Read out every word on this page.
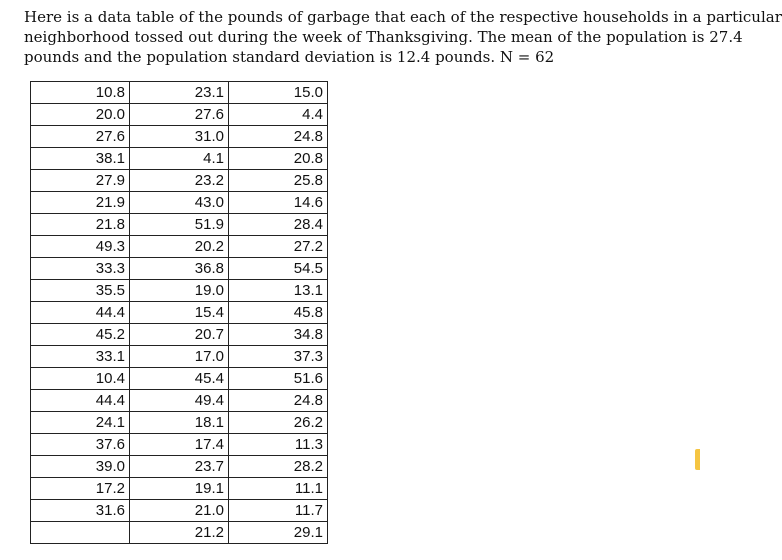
Here is a data table of the pounds of garbage that each of the respective households in a particular
neighborhood tossed out during the week of Thanksgiving. The mean of the population is 27.4
pounds and the population standard deviation is 12.4 pounds. N = 62

10.8	23.1	15.0
20.0	27.6	4.4
27.6	31.0	24.8
38.1	4.1	20.8
27.9	23.2	25.8
21.9	43.0	14.6
21.8	51.9	28.4
49.3	20.2	27.2
33.3	36.8	54.5
35.5	19.0	13.1
44.4	15.4	45.8
45.2	20.7	34.8
33.1	17.0	37.3
10.4	45.4	51.6
44.4	49.4	24.8
24.1	18.1	26.2
37.6	17.4	11.3
39.0	23.7	28.2
17.2	19.1	11.1
31.6	21.0	11.7
	21.2	29.1
